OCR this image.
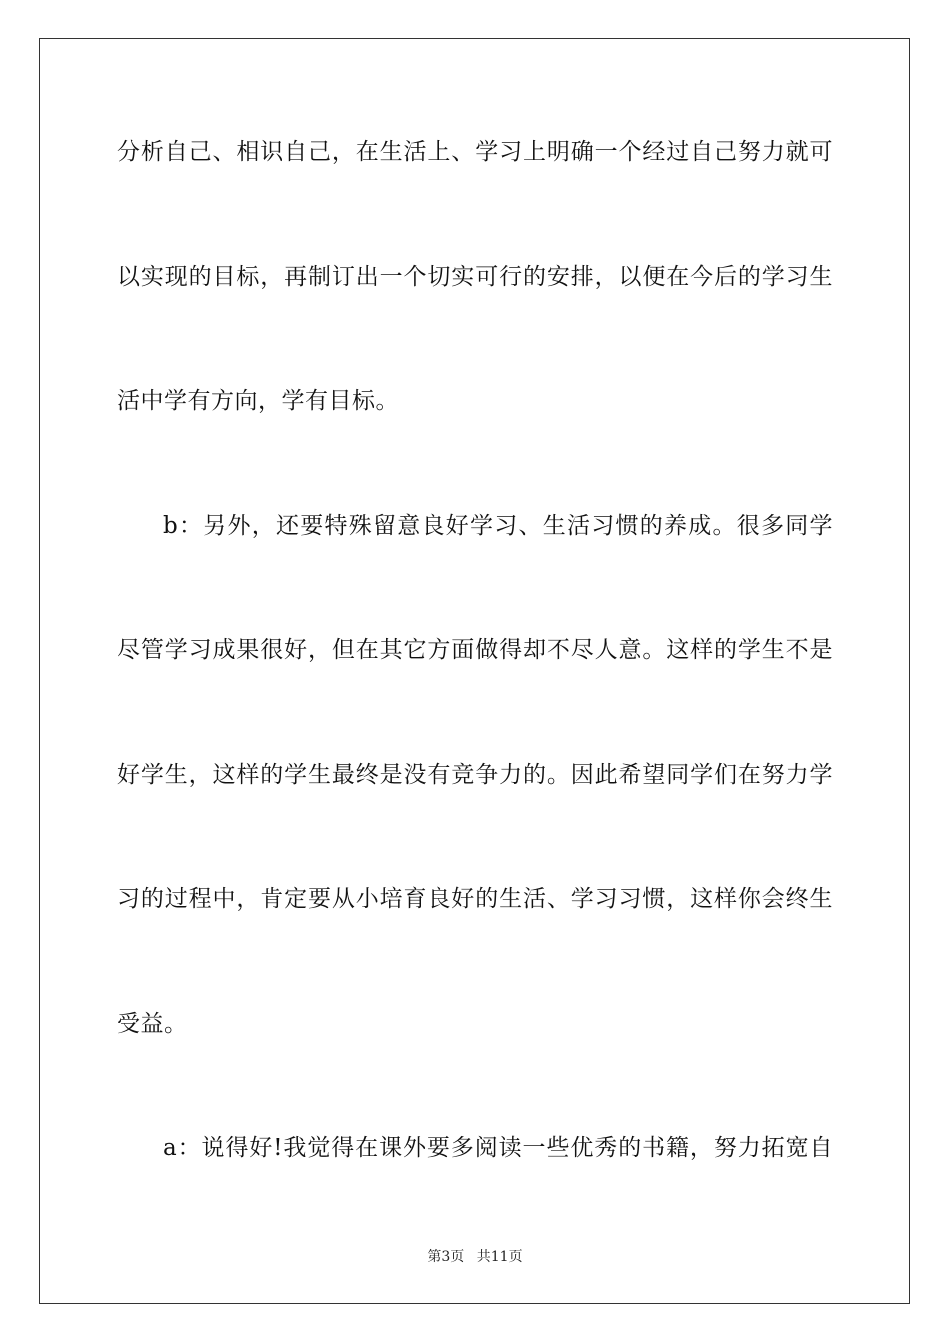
分析自己、相识自己，在生活上、学习上明确一个经过自己努力就可
以实现的目标，再制订出一个切实可行的安排，以便在今后的学习生
活中学有方向，学有目标。
b：另外，还要特殊留意良好学习、生活习惯的养成。很多同学
尽管学习成果很好，但在其它方面做得却不尽人意。这样的学生不是
好学生，这样的学生最终是没有竞争力的。因此希望同学们在努力学
习的过程中，肯定要从小培育良好的生活、学习习惯，这样你会终生
受益。
a：说得好!我觉得在课外要多阅读一些优秀的书籍，努力拓宽自
第3页 共11页
